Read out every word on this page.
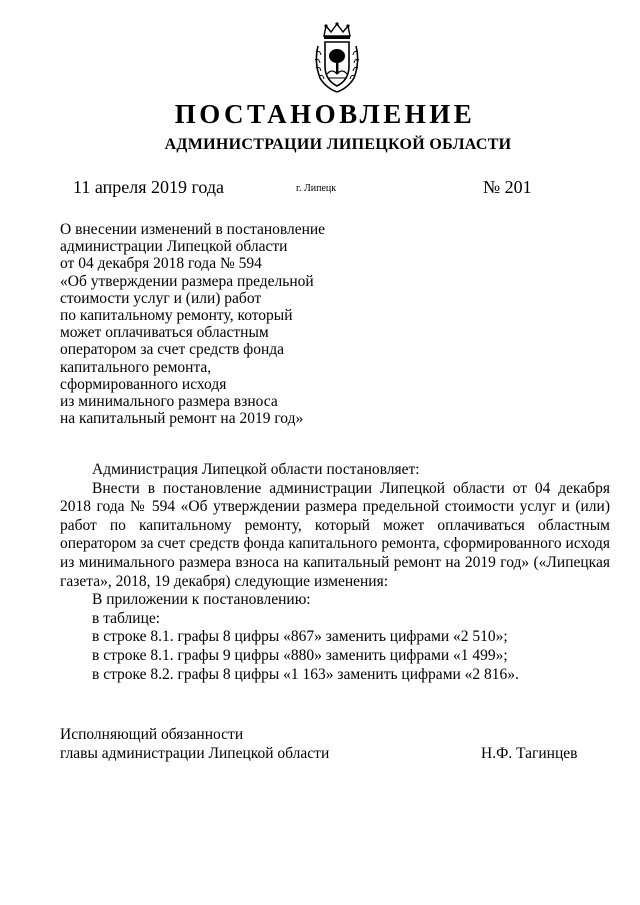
ПОСТАНОВЛЕНИЕ
АДМИНИСТРАЦИИ ЛИПЕЦКОЙ ОБЛАСТИ
11 апреля 2019 года	г. Липецк	№ 201
О внесении изменений в постановление
администрации Липецкой области
от 04 декабря 2018 года № 594
«Об утверждении размера предельной
стоимости услуг и (или) работ
по капитальному ремонту, который
может оплачиваться областным
оператором за счет средств фонда
капитального ремонта,
сформированного исходя
из минимального размера взноса
на капитальный ремонт на 2019 год»

Администрация Липецкой области постановляет:

Внести в постановление администрации Липецкой области от 04 декабря 2018 года № 594 «Об утверждении размера предельной стоимости услуг и (или) работ по капитальному ремонту, который может оплачиваться областным оператором за счет средств фонда капитального ремонта, сформированного исходя из минимального размера взноса на капитальный ремонт на 2019 год» («Липецкая газета», 2018, 19 декабря) следующие изменения:

В приложении к постановлению:

в таблице:

в строке 8.1. графы 8 цифры «867» заменить цифрами «2 510»;

в строке 8.1. графы 9 цифры «880» заменить цифрами «1 499»;

в строке 8.2. графы 8 цифры «1 163» заменить цифрами «2 816».

Исполняющий обязанности
главы администрации Липецкой области	Н.Ф. Тагинцев
